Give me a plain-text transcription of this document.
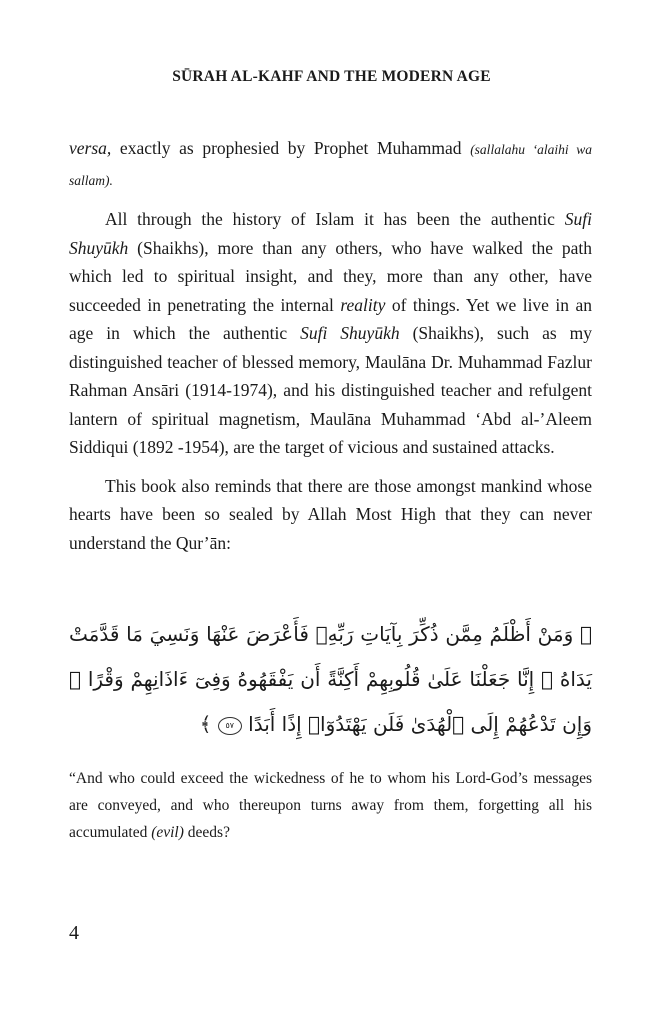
SŪRAH AL-KAHF AND THE MODERN AGE

versa, exactly as prophesied by Prophet Muhammad (sallalahu ‘alaihi wa sallam).

All through the history of Islam it has been the authentic Sufi Shuyūkh (Shaikhs), more than any others, who have walked the path which led to spiritual insight, and they, more than any other, have succeeded in penetrating the internal reality of things. Yet we live in an age in which the authentic Sufi Shuyūkh (Shaikhs), such as my distinguished teacher of blessed memory, Maulāna Dr. Muhammad Fazlur Rahman Ansāri (1914-1974), and his distinguished teacher and refulgent lantern of spiritual magnetism, Maulāna Muhammad ‘Abd al-’Aleem Siddiqui (1892 -1954), are the target of vicious and sustained attacks.

This book also reminds that there are those amongst mankind whose hearts have been so sealed by Allah Most High that they can never understand the Qur’ān:

﴿ وَمَنْ أَظْلَمُ مِمَّن ذُكِّرَ بِآيَاتِ رَبِّهِۦ فَأَعْرَضَ عَنْهَا وَنَسِيَ مَا قَدَّمَتْ يَدَاهُ ۚ إِنَّا جَعَلْنَا عَلَىٰ قُلُوبِهِمْ أَكِنَّةً أَن يَفْقَهُوهُ وَفِىٓ ءَاذَانِهِمْ وَقْرًا ۖ وَإِن تَدْعُهُمْ إِلَى ٱلْهُدَىٰ فَلَن يَهْتَدُوٓا۟ إِذًا أَبَدًا ٥٧ ﴾
“And who could exceed the wickedness of he to whom his Lord-God’s messages are conveyed, and who thereupon turns away from them, forgetting all his accumulated (evil) deeds?
4
